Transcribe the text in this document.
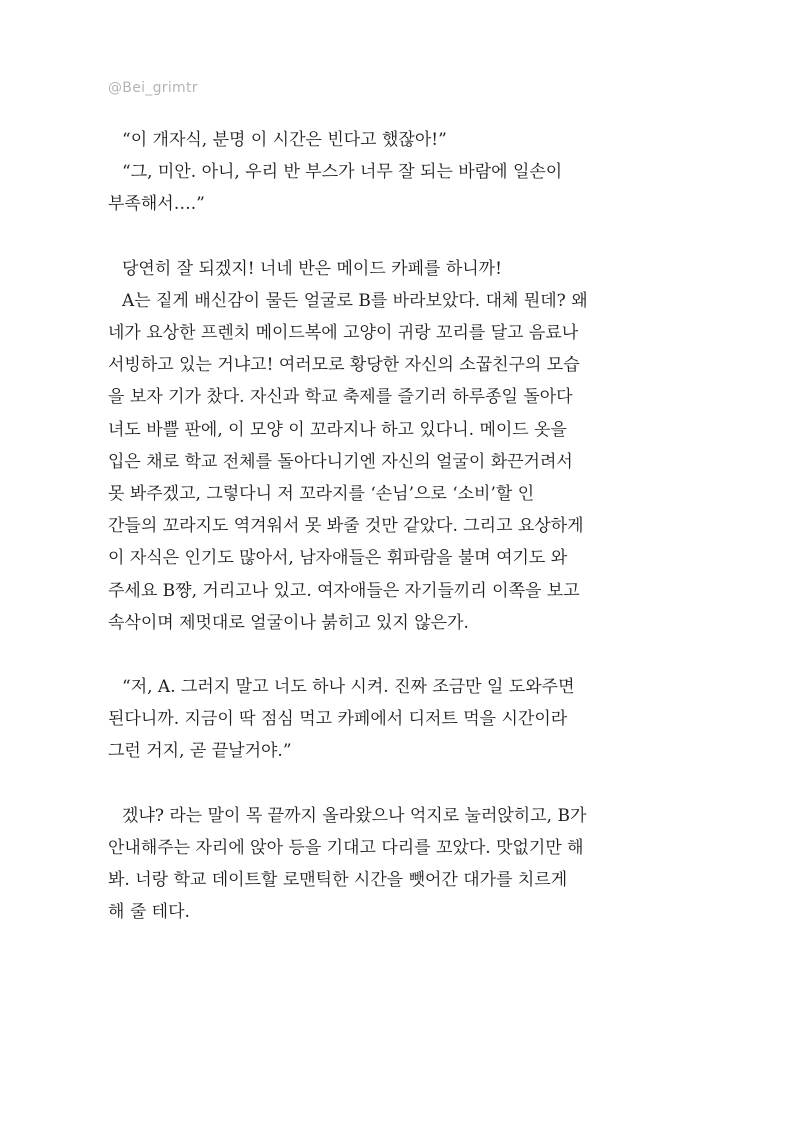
@Bei_grimtr

“이 개자식, 분명 이 시간은 빈다고 했잖아!”

“그, 미안. 아니, 우리 반 부스가 너무 잘 되는 바람에 일손이
부족해서….”

당연히 잘 되겠지! 너네 반은 메이드 카페를 하니까!

A는 짙게 배신감이 물든 얼굴로 B를 바라보았다. 대체 뭔데? 왜
네가 요상한 프렌치 메이드복에 고양이 귀랑 꼬리를 달고 음료나
서빙하고 있는 거냐고! 여러모로 황당한 자신의 소꿉친구의 모습
을 보자 기가 찼다. 자신과 학교 축제를 즐기러 하루종일 돌아다
녀도 바쁠 판에, 이 모양 이 꼬라지나 하고 있다니. 메이드 옷을
입은 채로 학교 전체를 돌아다니기엔 자신의 얼굴이 화끈거려서
못 봐주겠고, 그렇다니 저 꼬라지를 ‘손님’으로 ‘소비’할 인
간들의 꼬라지도 역겨워서 못 봐줄 것만 같았다. 그리고 요상하게
이 자식은 인기도 많아서, 남자애들은 휘파람을 불며 여기도 와
주세요 B쨩, 거리고나 있고. 여자애들은 자기들끼리 이쪽을 보고
속삭이며 제멋대로 얼굴이나 붉히고 있지 않은가.

“저, A. 그러지 말고 너도 하나 시켜. 진짜 조금만 일 도와주면
된다니까. 지금이 딱 점심 먹고 카페에서 디저트 먹을 시간이라
그런 거지, 곧 끝날거야.”

겠냐? 라는 말이 목 끝까지 올라왔으나 억지로 눌러앉히고, B가
안내해주는 자리에 앉아 등을 기대고 다리를 꼬았다. 맛없기만 해
봐. 너랑 학교 데이트할 로맨틱한 시간을 뺏어간 대가를 치르게
해 줄 테다.
